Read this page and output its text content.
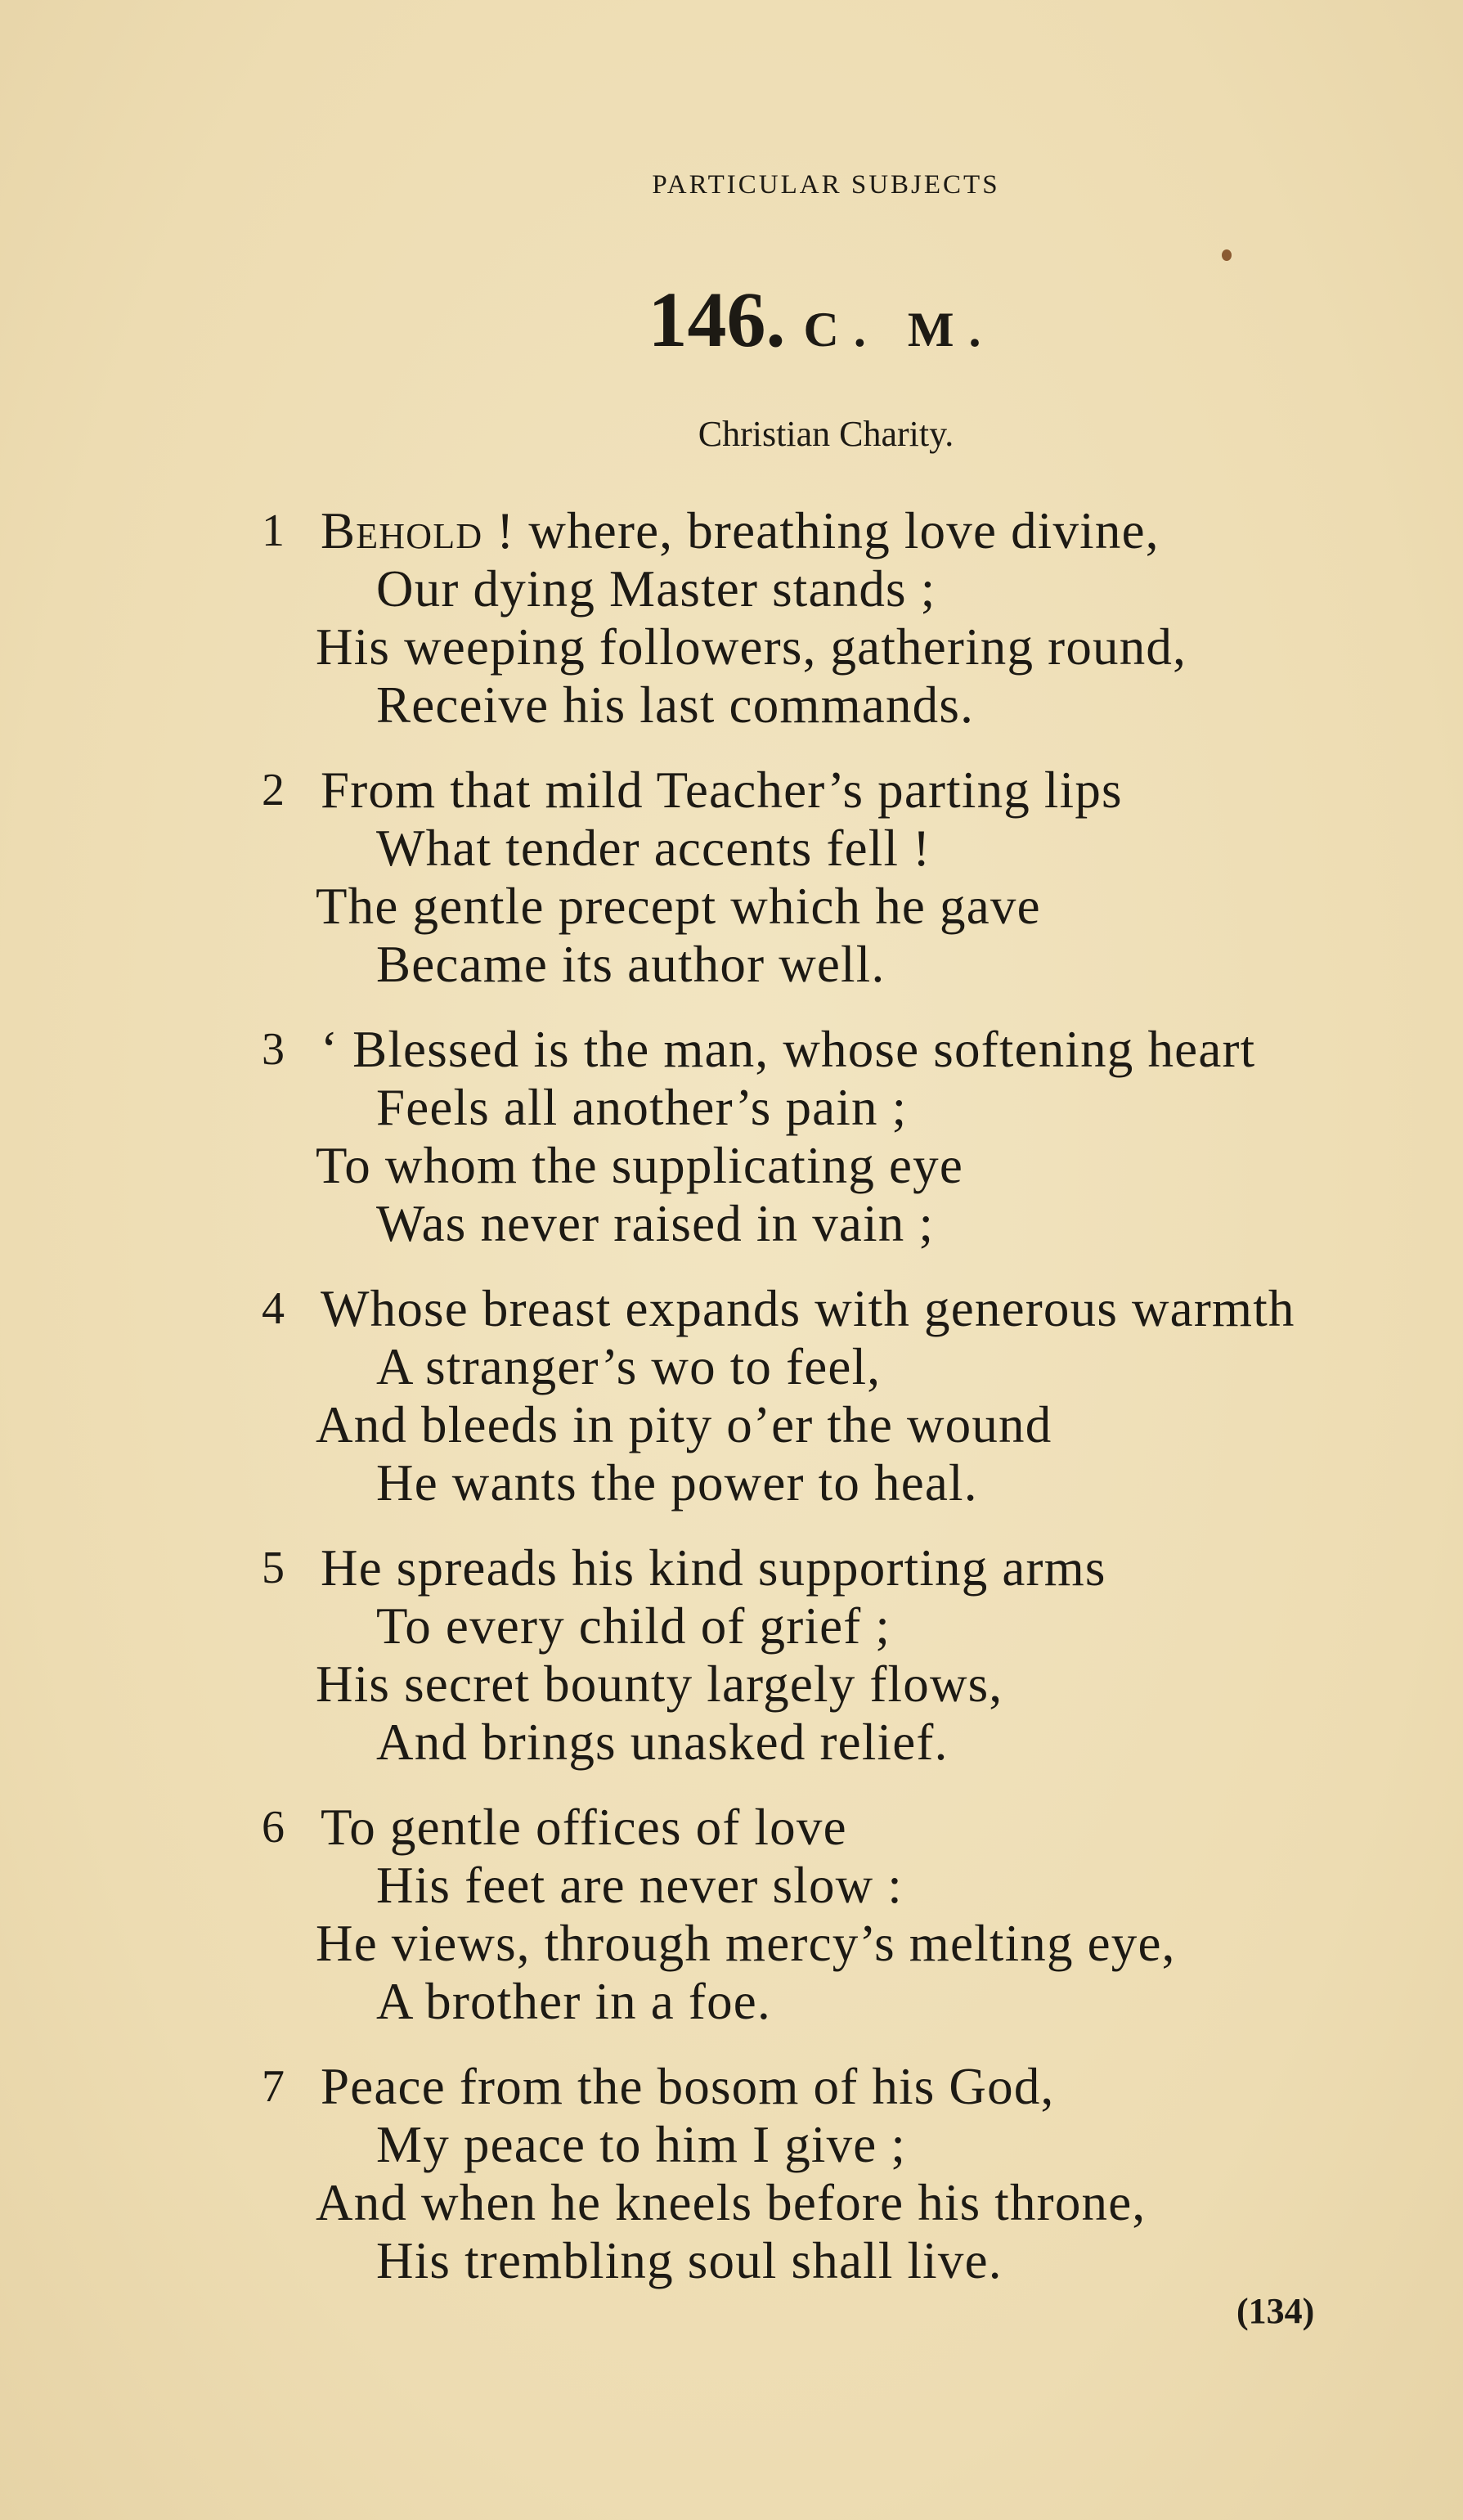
PARTICULAR SUBJECTS
146. C. M.
Christian Charity.
1 Behold ! where, breathing love divine,
Our dying Master stands ;
His weeping followers, gathering round,
Receive his last commands.
2 From that mild Teacher’s parting lips
What tender accents fell !
The gentle precept which he gave
Became its author well.
3 ‘ Blessed is the man, whose softening heart
Feels all another’s pain ;
To whom the supplicating eye
Was never raised in vain ;
4 Whose breast expands with generous warmth
A stranger’s wo to feel,
And bleeds in pity o’er the wound
He wants the power to heal.
5 He spreads his kind supporting arms
To every child of grief ;
His secret bounty largely flows,
And brings unasked relief.
6 To gentle offices of love
His feet are never slow :
He views, through mercy’s melting eye,
A brother in a foe.
7 Peace from the bosom of his God,
My peace to him I give ;
And when he kneels before his throne,
His trembling soul shall live.
(134)
